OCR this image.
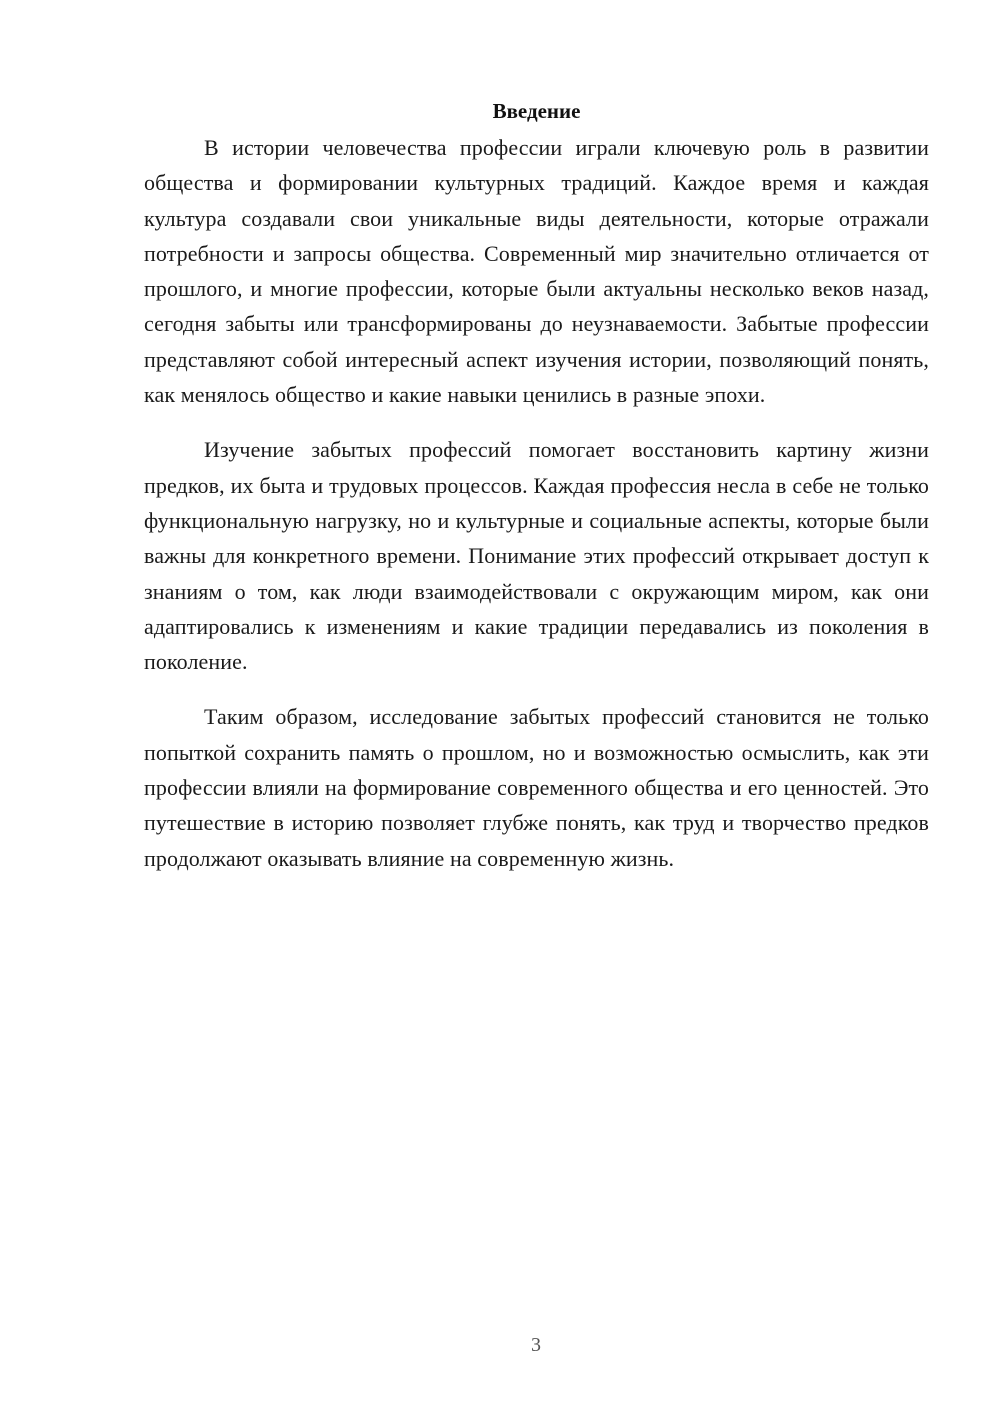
Введение

В истории человечества профессии играли ключевую роль в развитии общества и формировании культурных традиций. Каждое время и каждая культура создавали свои уникальные виды деятельности, которые отражали потребности и запросы общества. Современный мир значительно отличается от прошлого, и многие профессии, которые были актуальны несколько веков назад, сегодня забыты или трансформированы до неузнаваемости. Забытые профессии представляют собой интересный аспект изучения истории, позволяющий понять, как менялось общество и какие навыки ценились в разные эпохи.

Изучение забытых профессий помогает восстановить картину жизни предков, их быта и трудовых процессов. Каждая профессия несла в себе не только функциональную нагрузку, но и культурные и социальные аспекты, которые были важны для конкретного времени. Понимание этих профессий открывает доступ к знаниям о том, как люди взаимодействовали с окружающим миром, как они адаптировались к изменениям и какие традиции передавались из поколения в поколение.

Таким образом, исследование забытых профессий становится не только попыткой сохранить память о прошлом, но и возможностью осмыслить, как эти профессии влияли на формирование современного общества и его ценностей. Это путешествие в историю позволяет глубже понять, как труд и творчество предков продолжают оказывать влияние на современную жизнь.

3
